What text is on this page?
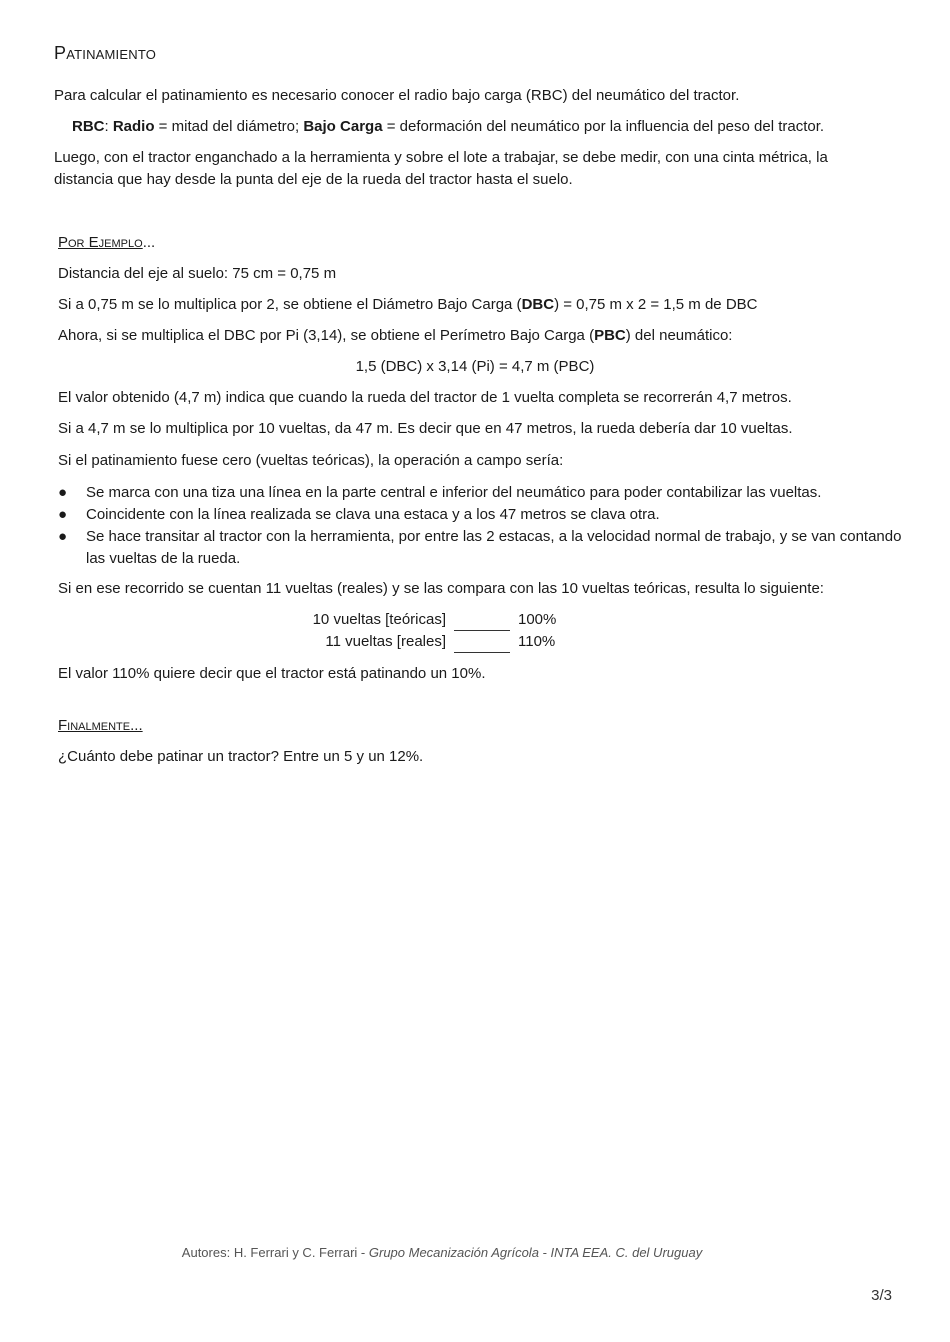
Patinamiento
Para calcular el patinamiento es necesario conocer el radio bajo carga (RBC) del neumático del tractor.
RBC: Radio = mitad del diámetro; Bajo Carga = deformación del neumático por la influencia del peso del tractor.
Luego, con el tractor enganchado a la herramienta y sobre el lote a trabajar, se debe medir, con una cinta métrica, la
distancia que hay desde la punta del eje de la rueda del tractor hasta el suelo.
Por Ejemplo...
Distancia del eje al suelo: 75 cm = 0,75 m
Si a 0,75 m se lo multiplica por 2, se obtiene el Diámetro Bajo Carga (DBC) = 0,75 m x 2 = 1,5 m de DBC
Ahora, si se multiplica el DBC por Pi (3,14), se obtiene el Perímetro Bajo Carga (PBC) del neumático:
1,5 (DBC) x 3,14 (Pi) = 4,7 m (PBC)
El valor obtenido (4,7 m) indica que cuando la rueda del tractor de 1 vuelta completa se recorrerán 4,7 metros.
Si a 4,7 m se lo multiplica por 10 vueltas, da 47 m. Es decir que en 47 metros, la rueda debería dar 10 vueltas.
Si el patinamiento fuese cero (vueltas teóricas), la operación a campo sería:
● Se marca con una tiza una línea en la parte central e inferior del neumático para poder contabilizar las vueltas.
● Coincidente con la línea realizada se clava una estaca y a los 47 metros se clava otra.
● Se hace transitar al tractor con la herramienta, por entre las 2 estacas, a la velocidad normal de trabajo, y se van contando las vueltas de la rueda.
Si en ese recorrido se cuentan 11 vueltas (reales) y se las compara con las 10 vueltas teóricas, resulta lo siguiente:
10 vueltas [teóricas]	100%
11 vueltas [reales]	110%
El valor 110% quiere decir que el tractor está patinando un 10%.
Finalmente...
¿Cuánto debe patinar un tractor? Entre un 5 y un 12%.
Autores: H. Ferrari y C. Ferrari - Grupo Mecanización Agrícola - INTA EEA. C. del Uruguay
3/3
